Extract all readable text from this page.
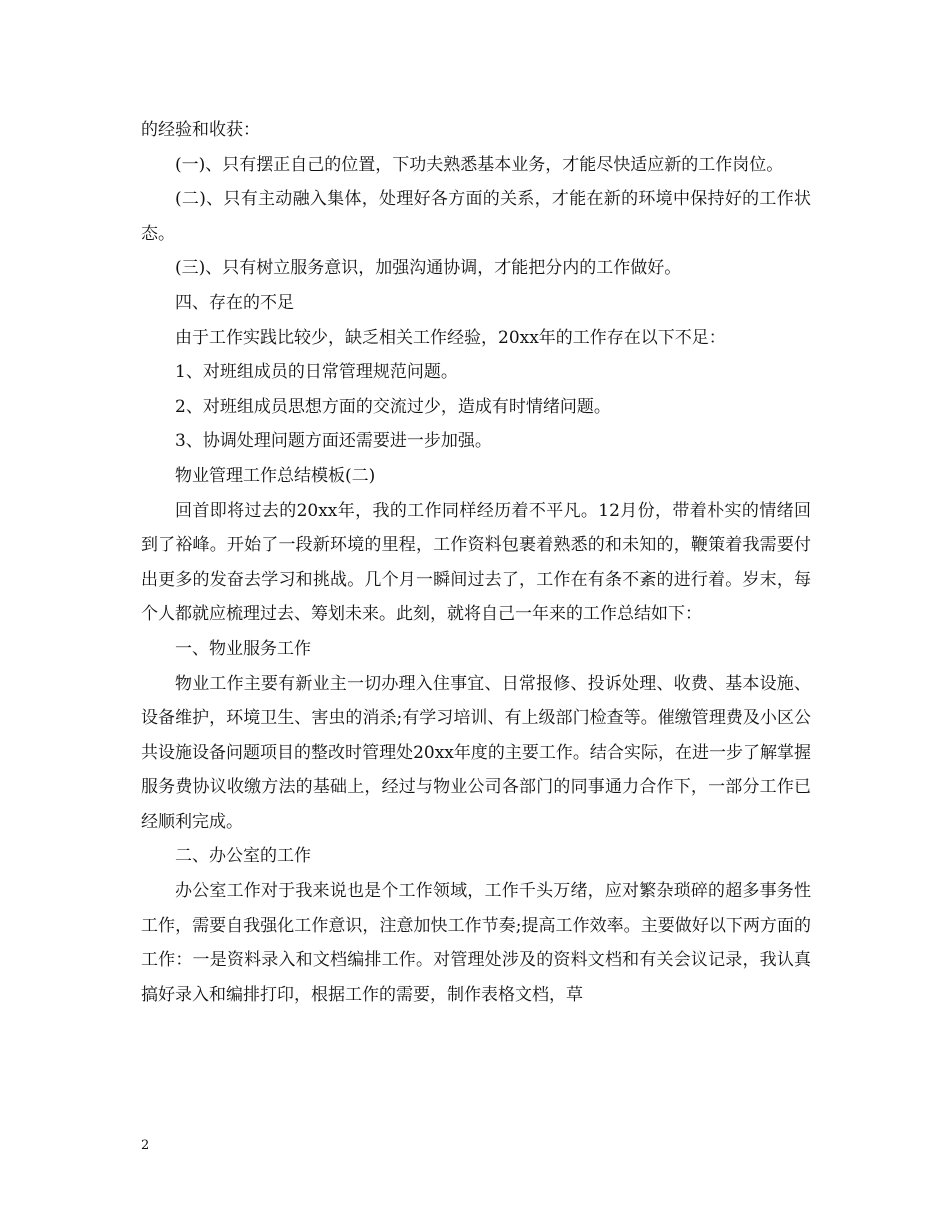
的经验和收获：

(一)、只有摆正自己的位置，下功夫熟悉基本业务，才能尽快适应新的工作岗位。

(二)、只有主动融入集体，处理好各方面的关系，才能在新的环境中保持好的工作状态。

(三)、只有树立服务意识，加强沟通协调，才能把分内的工作做好。

四、存在的不足

由于工作实践比较少，缺乏相关工作经验，20xx年的工作存在以下不足：

1、对班组成员的日常管理规范问题。

2、对班组成员思想方面的交流过少，造成有时情绪问题。

3、协调处理问题方面还需要进一步加强。

物业管理工作总结模板(二)

回首即将过去的20xx年，我的工作同样经历着不平凡。12月份，带着朴实的情绪回到了裕峰。开始了一段新环境的里程，工作资料包裹着熟悉的和未知的，鞭策着我需要付出更多的发奋去学习和挑战。几个月一瞬间过去了，工作在有条不紊的进行着。岁末，每个人都就应梳理过去、筹划未来。此刻，就将自己一年来的工作总结如下：

一、物业服务工作

物业工作主要有新业主一切办理入住事宜、日常报修、投诉处理、收费、基本设施、设备维护，环境卫生、害虫的消杀;有学习培训、有上级部门检查等。催缴管理费及小区公共设施设备问题项目的整改时管理处20xx年度的主要工作。结合实际，在进一步了解掌握服务费协议收缴方法的基础上，经过与物业公司各部门的同事通力合作下，一部分工作已经顺利完成。

二、办公室的工作

办公室工作对于我来说也是个工作领域，工作千头万绪，应对繁杂琐碎的超多事务性工作，需要自我强化工作意识，注意加快工作节奏;提高工作效率。主要做好以下两方面的工作：一是资料录入和文档编排工作。对管理处涉及的资料文档和有关会议记录，我认真搞好录入和编排打印，根据工作的需要，制作表格文档，草

2
